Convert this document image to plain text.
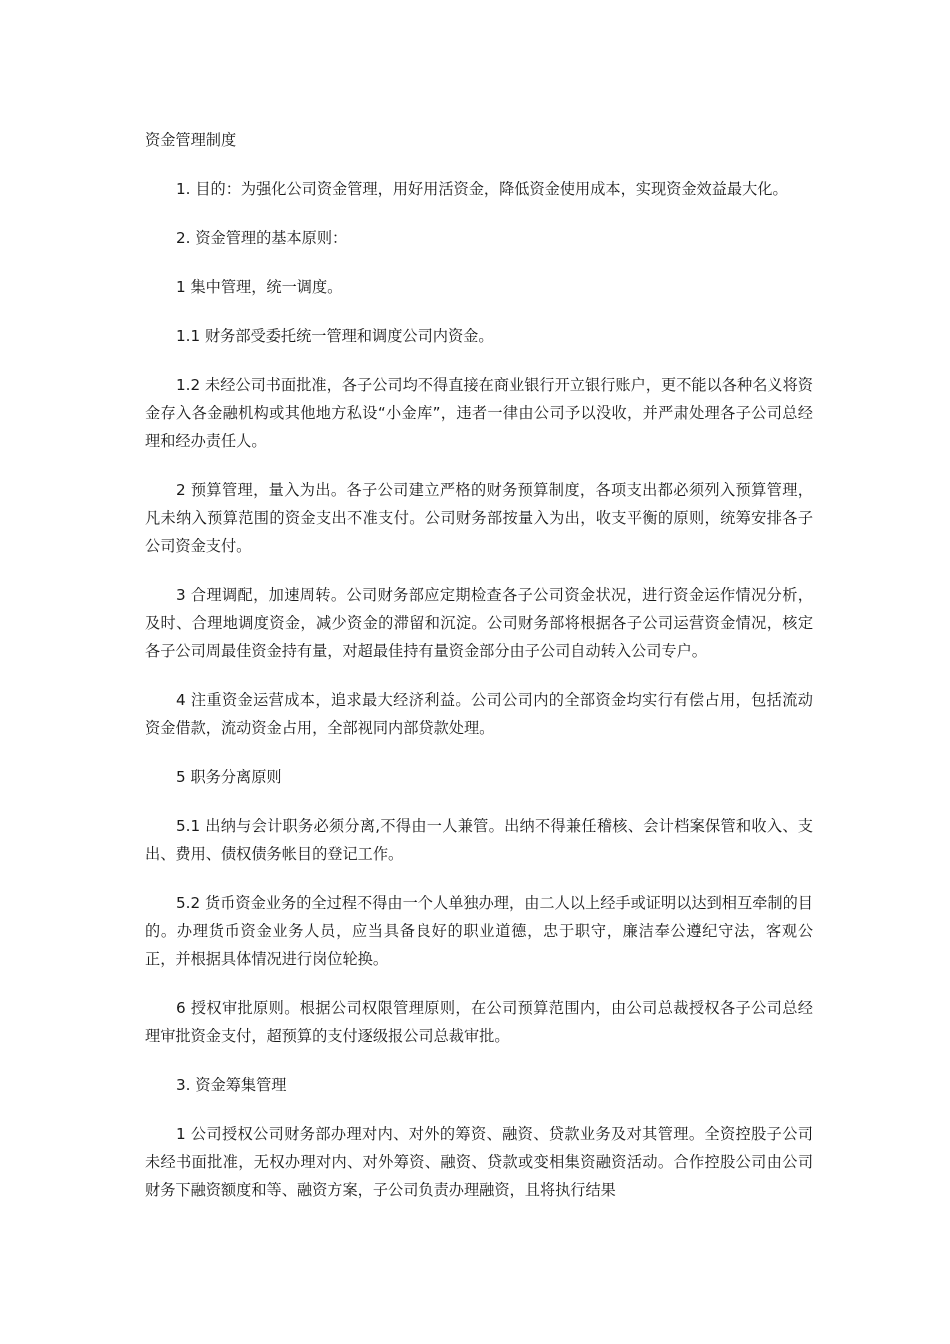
资金管理制度

1. 目的：为强化公司资金管理，用好用活资金，降低资金使用成本，实现资金效益最大化。

2. 资金管理的基本原则：

1 集中管理，统一调度。

1.1 财务部受委托统一管理和调度公司内资金。

1.2 未经公司书面批准，各子公司均不得直接在商业银行开立银行账户，更不能以各种名义将资金存入各金融机构或其他地方私设“小金库”，违者一律由公司予以没收，并严肃处理各子公司总经理和经办责任人。

2 预算管理，量入为出。各子公司建立严格的财务预算制度，各项支出都必须列入预算管理，凡未纳入预算范围的资金支出不准支付。公司财务部按量入为出，收支平衡的原则，统筹安排各子公司资金支付。

3 合理调配，加速周转。公司财务部应定期检查各子公司资金状况，进行资金运作情况分析，及时、合理地调度资金，减少资金的滞留和沉淀。公司财务部将根据各子公司运营资金情况，核定各子公司周最佳资金持有量，对超最佳持有量资金部分由子公司自动转入公司专户。

4 注重资金运营成本，追求最大经济利益。公司公司内的全部资金均实行有偿占用，包括流动资金借款，流动资金占用，全部视同内部贷款处理。

5 职务分离原则

5.1 出纳与会计职务必须分离,不得由一人兼管。出纳不得兼任稽核、会计档案保管和收入、支出、费用、债权债务帐目的登记工作。

5.2 货币资金业务的全过程不得由一个人单独办理，由二人以上经手或证明以达到相互牵制的目的。办理货币资金业务人员，应当具备良好的职业道德，忠于职守，廉洁奉公遵纪守法，客观公正，并根据具体情况进行岗位轮换。

6 授权审批原则。根据公司权限管理原则，在公司预算范围内，由公司总裁授权各子公司总经理审批资金支付，超预算的支付逐级报公司总裁审批。

3. 资金筹集管理

1 公司授权公司财务部办理对内、对外的筹资、融资、贷款业务及对其管理。全资控股子公司未经书面批准，无权办理对内、对外筹资、融资、贷款或变相集资融资活动。合作控股公司由公司财务下融资额度和等、融资方案，子公司负责办理融资，且将执行结果
